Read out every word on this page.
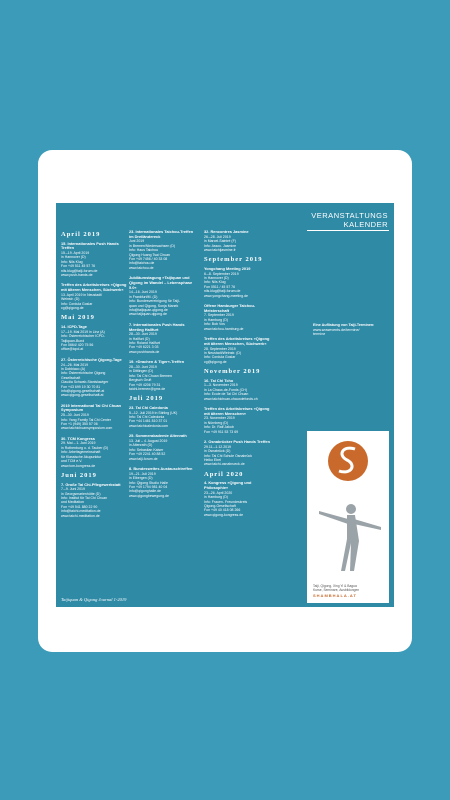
VERANSTALTUNGS
KALENDER
April 2019
15. Internationales Push Hands Treffen
15.–19. April 2019
in Hannover (D)
Info: Nils Klug
Fon +49 511 45 57 76
nils.klug@taiji-forum.de
www.push-hands.de
Treffen des Arbeitskreises »Qigong mit älteren Menschen, Süchwerk«
13. April 2019 in Neustadt/
Weinstr. (D)
Info: Cordula Goslar
cg@qigong.de
Mai 2019
14. ICPD-Tage
17.–19. Mai 2019 in Linz (A)
Info: Österreichischer ICPD-
Taijiquan-Bund
Fon 0664/ 420 75 56
office@icpd.at
27. Österreichische Qigong-Tage
24.–26. Mai 2019
in Dobbiaco (A)
Info: Österreichische Qigong
Gesellschaft
Claudia Schwab-Stanislawiger
Fon +43 699 19 30 70 81
info@qigong-gesellschaft.at
www.qigong-gesellschaft.at
2019 International Tai Chi Chuan Symposium
25.–30. Juni 2019
Info: Yang Family Tai Chi Center
Fon +1 (949) 350 57 06
www.taichichuansymposium.com
30. TCM Kongress
29. Mai – 1. Juni 2019
in Rothenburg o. d. Tauber (D)
Info: Arbeitsgemeinschaft
für Klassische Akupunktur
und TCM e.V.
www.tcm-kongress.de
Juni 2019
7. Große Tai Chi-Pflegewerkstatt
7.–9. Juni 2019
in Georgsmarienhütte (D)
Info: Institut für Tai Chi Chuan
und Meditation
Fon +49 541 880 22 90
info@taichi-meditation.de
www.taichi-meditation.de
23. Internationales Taichou-Treffen im Dreiländereck
Juni 2019
in Bremen/Niedersachsen (D)
Info: Haus Taichou
Qigong Huang Tsai Chuan
Fon +49 7456 / 40 33 08
info@taichou.de
www.taichou.de
Jubiläumstagung »Taijiquan und Qigong im Wandel – Lebensphase 5.0«
14.–16. Juni 2019
in Frankfurt/M. (D)
Info: Bundesvereinigung für Taiji-
quan und Qigong, Sonja Manek
info@taijiquan-qigong.de
www.taijiquan-qigong.de
7. Internationales Push Hands Meeting Hallfurt
28.–30. Juni 2019
in Hallfurt (D)
Info: Roland Hallfurt
Fon +49 6221 3 03
www.pushhands.de
19. »Drachen & Tiger«-Treffen
28.–30. Juni 2019
in Dittlingen (D)
Info: Tai Chi Chuan Bremen
Bergisch Gruft
Fon +49 4206 79 31
taichi-bremen@gmx.de
Juli 2019
23. Tai Chi Caledonia
5.–12. Juli 2019 in Stirling (UK)
Info: Tai Chi Caledonia
Fon +44 1461 810 37 01
www.taichicaledonia.com
25. Sommerakademie Altenrath
13. Juli – 4. August 2019
in Altenrath (D)
Info: Sebastian Kaiser
Fon +49 2241 40 88 52
www.taiji-forum.de
8. Bundesweites Austauschtreffen
19.–21. Juli 2019
in Elbergen (D)
Info: Qigong Studio Halle
Fon +49 1794 981 40 04
info@qigonghalle.de
www.qigongbewegung.de
32. Rencontres Jasmine
26.–28. Juli 2019
in Marcel-Saintré (F)
Info: Assoc. Jasmine
www.taichijasmine.fr
September 2019
Yongchang Meeting 2019
6.–8. September 2019
in Hannover (D)
Info: Nils Klug
Fon 0511 / 45 57 76
nils.klug@taiji-forum.de
www.yongchang-meeting.de
Offene Hamburger Taichou-Meisterschaft
7. September 2019
in Hamburg (D)
Info: Bob Vos
www.taichou-hamburg.de
Treffen des Arbeitskreises »Qigong mit älteren Menschen, Süchwerk«
28. September 2019
in Neustadt/Weinstr. (D)
Info: Cordula Goslar
cg@qigong.de
November 2019
16. Tai Chi Tcho
1.–3. November 2019
in La Chaux-de-Fonds (CH)
Info: Ecole de Tai Chi Chuan
www.taichichuan-chauxdefonds.ch
Treffen des Arbeitskreises »Qigong mit älteren Menschen«
23. November 2019
in Nürnberg (D)
Info: Dr. Ralf Jakob
Fon +49 911 53 73 69
2. Osnabrücker Push Hands Treffen
29.11.–1.12.2019
in Osnabrück (D)
Info: Tai Chi Schule Osnabrück
Heiko Ebel
www.taichi-osnabrueck.de
April 2020
4. Kongress »Qigong und Philosophie«
23.–26. April 2020
in Hamburg (D)
Info: Frauen- Freundeskreis
Qigong-Gesellschaft
Fon +49 40 418 08 266
www.qigong-kongress.de
Eine Auflistung von Taiji-Terminen:
www.wowevents.de/termine/
termine
Taiji, Qigong, Xing Yi & Bagua
Kurse, Seminare, Ausbildungen
SHAMBHALA.AT
Taijiquan & Qigong Journal 1-2019	5
